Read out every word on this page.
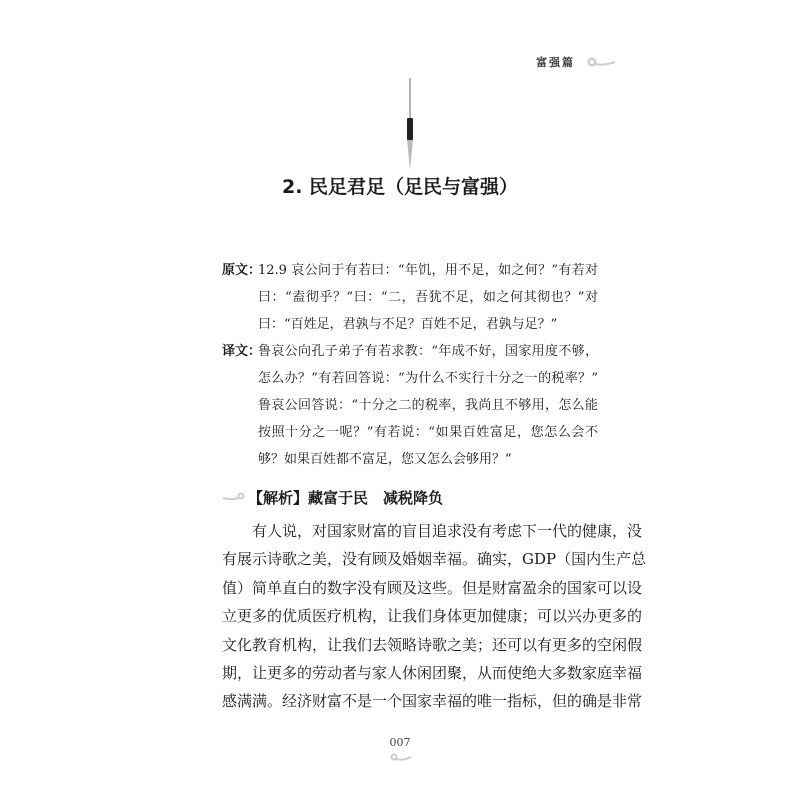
富强篇
2. 民足君足（足民与富强）
原文：
12.9 哀公问于有若曰：“年饥，用不足，如之何？”有若对
曰：“盍彻乎？”曰：“二，吾犹不足，如之何其彻也？”对
曰：“百姓足，君孰与不足？百姓不足，君孰与足？”
译文：
鲁哀公向孔子弟子有若求教：“年成不好，国家用度不够，
怎么办？”有若回答说：“为什么不实行十分之一的税率？”
鲁哀公回答说：“十分之二的税率，我尚且不够用，怎么能
按照十分之一呢？”有若说：“如果百姓富足，您怎么会不
够？如果百姓都不富足，您又怎么会够用？”
【解析】藏富于民　减税降负
　　有人说，对国家财富的盲目追求没有考虑下一代的健康，没
有展示诗歌之美，没有顾及婚姻幸福。确实，GDP（国内生产总
值）简单直白的数字没有顾及这些。但是财富盈余的国家可以设
立更多的优质医疗机构，让我们身体更加健康；可以兴办更多的
文化教育机构，让我们去领略诗歌之美；还可以有更多的空闲假
期，让更多的劳动者与家人休闲团聚，从而使绝大多数家庭幸福
感满满。经济财富不是一个国家幸福的唯一指标，但的确是非常
007
